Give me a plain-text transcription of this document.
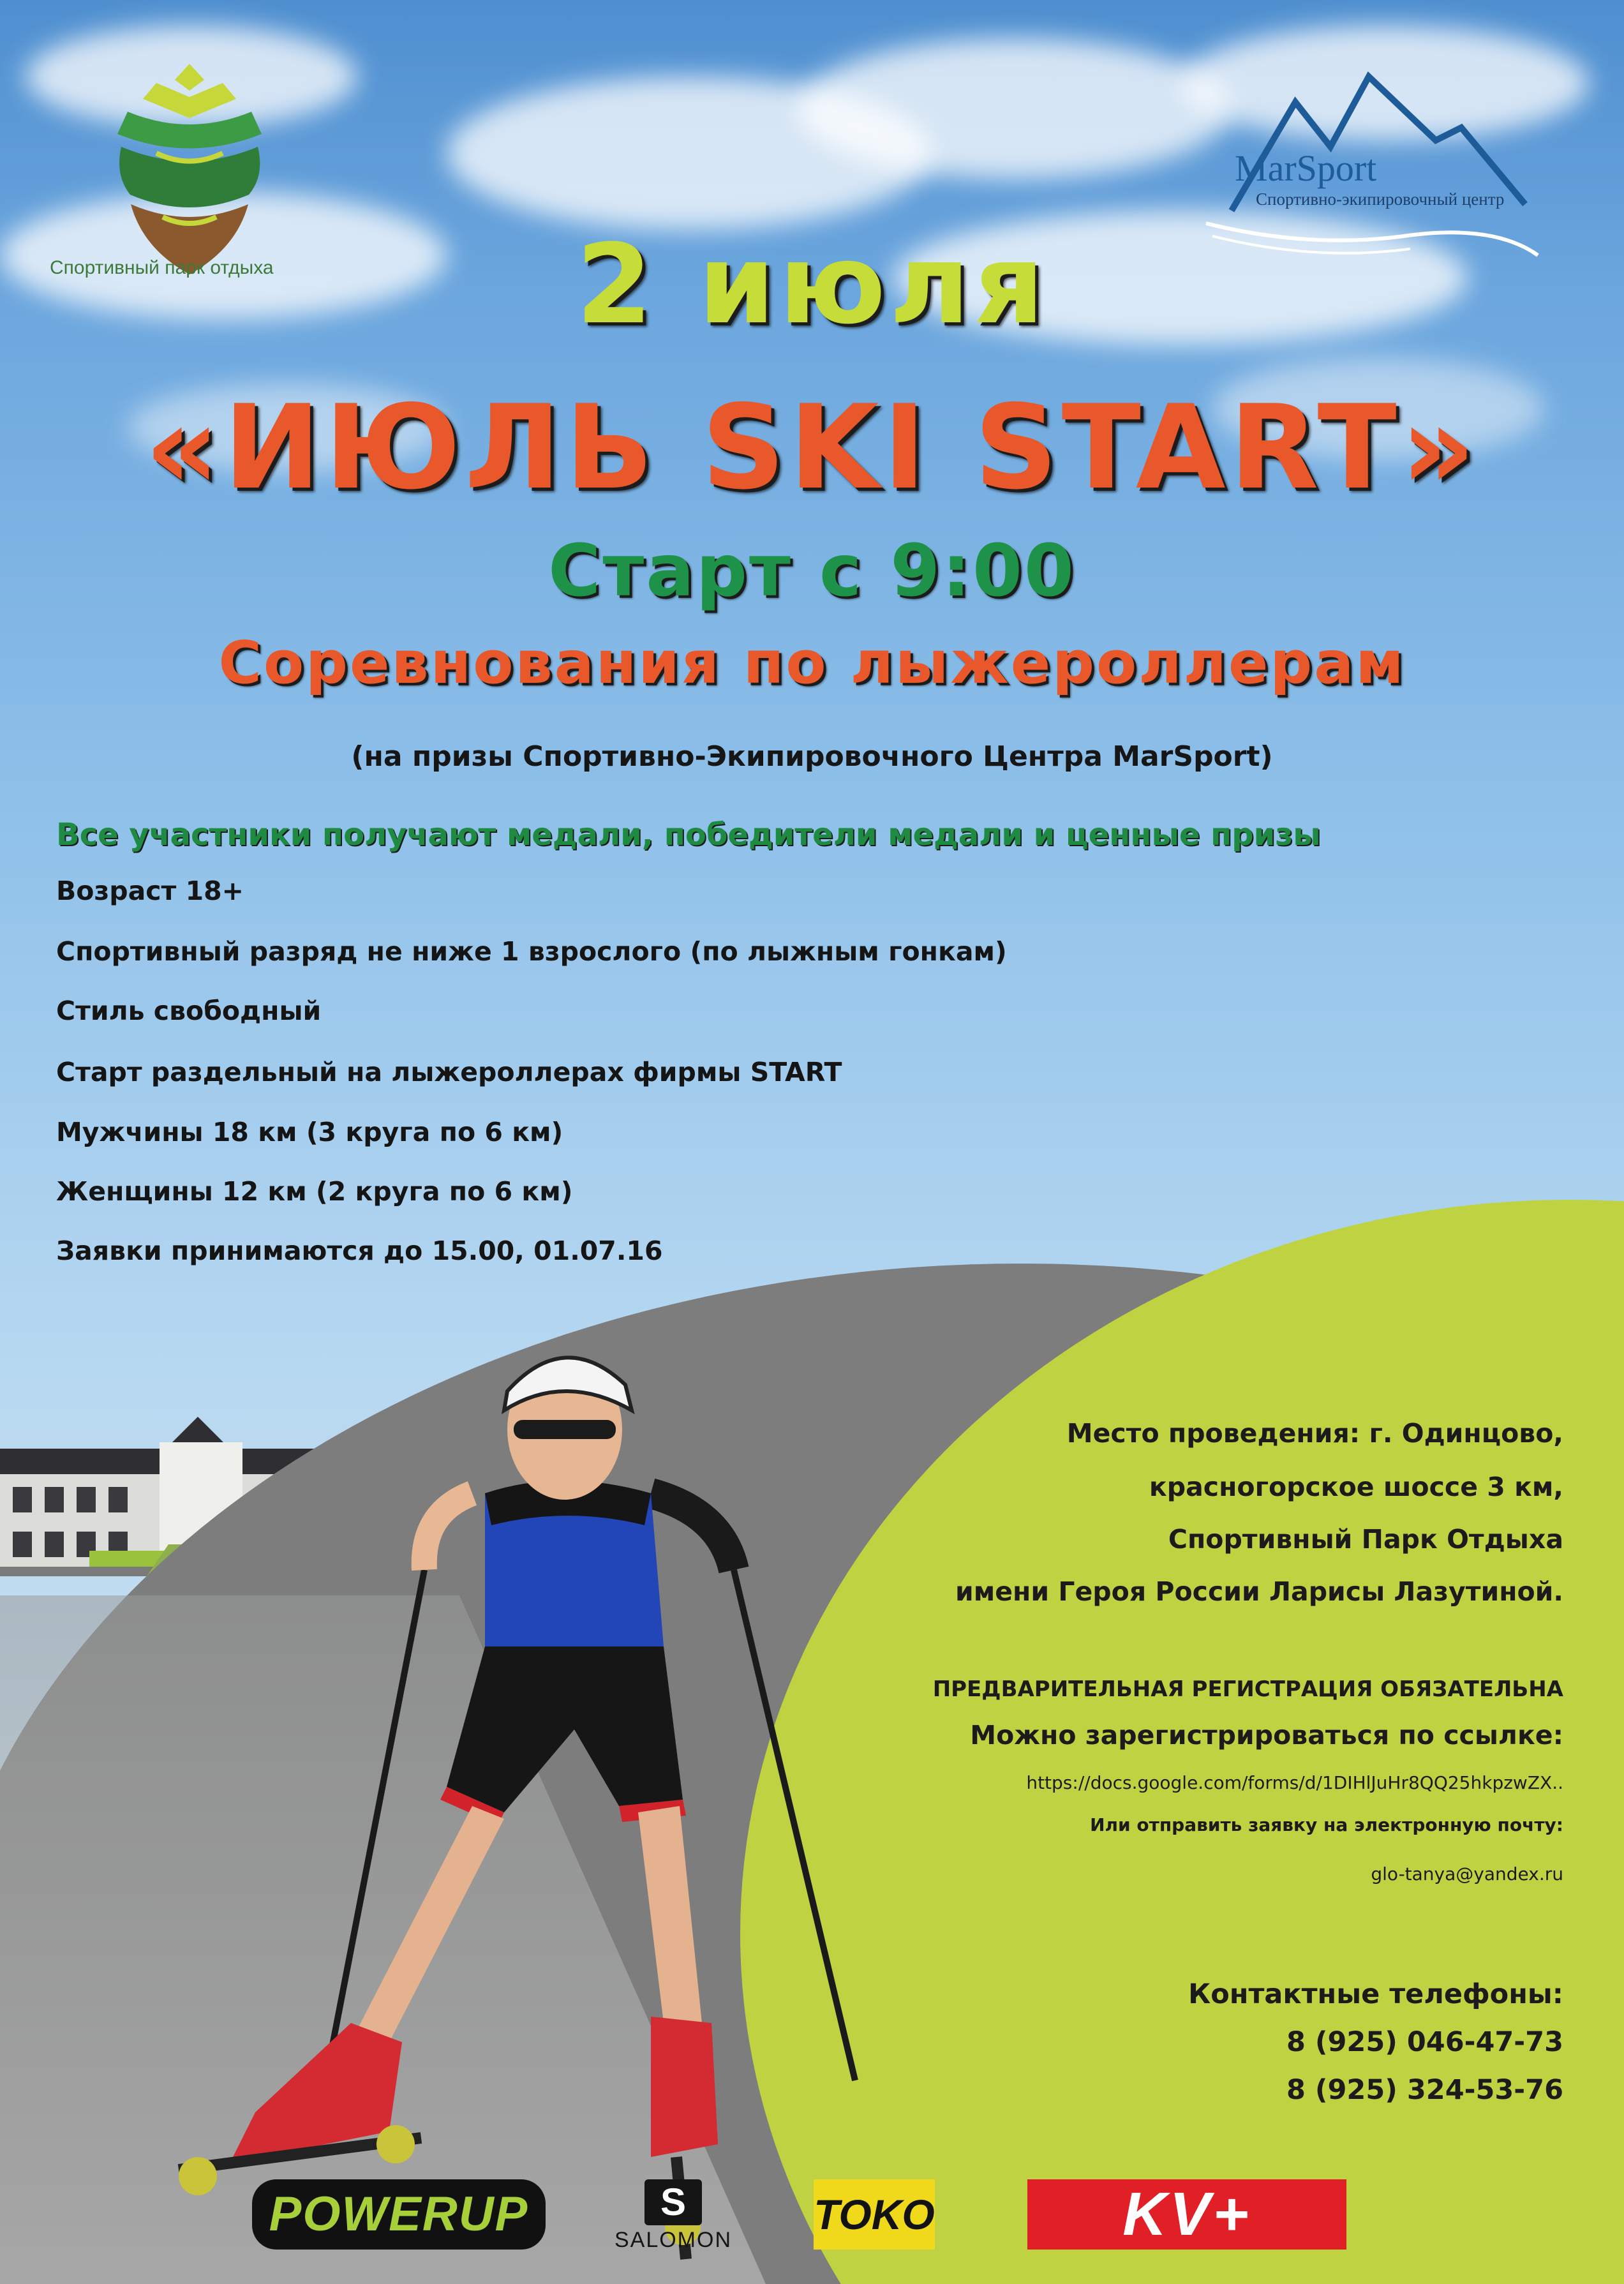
Спортивный парк отдыха
MarSport
Спортивно-экипировочный центр
2 июля
«ИЮЛЬ SKI START»
Старт с 9:00
Соревнования по лыжероллерам
(на призы Спортивно-Экипировочного Центра MarSport)
Все участники получают медали, победители медали и ценные призы
Возраст 18+
Спортивный разряд не ниже 1 взрослого (по лыжным гонкам)
Стиль свободный
Старт раздельный на лыжероллерах фирмы START
Мужчины 18 км (3 круга по 6 км)
Женщины 12 км (2 круга по 6 км)
Заявки принимаются до 15.00, 01.07.16
Место проведения: г. Одинцово,
красногорское шоссе 3 км,
Спортивный Парк Отдыха
имени Героя России Ларисы Лазутиной.
ПРЕДВАРИТЕЛЬНАЯ РЕГИСТРАЦИЯ ОБЯЗАТЕЛЬНА
Можно зарегистрироваться по ссылке:
https://docs.google.com/forms/d/1DIHlJuHr8QQ25hkpzwZX..
Или отправить заявку на электронную почту:
glo-tanya@yandex.ru
Контактные телефоны:
8 (925) 046-47-73
8 (925) 324-53-76
POWERUP	S
SALOMON
TOKO	KV+
